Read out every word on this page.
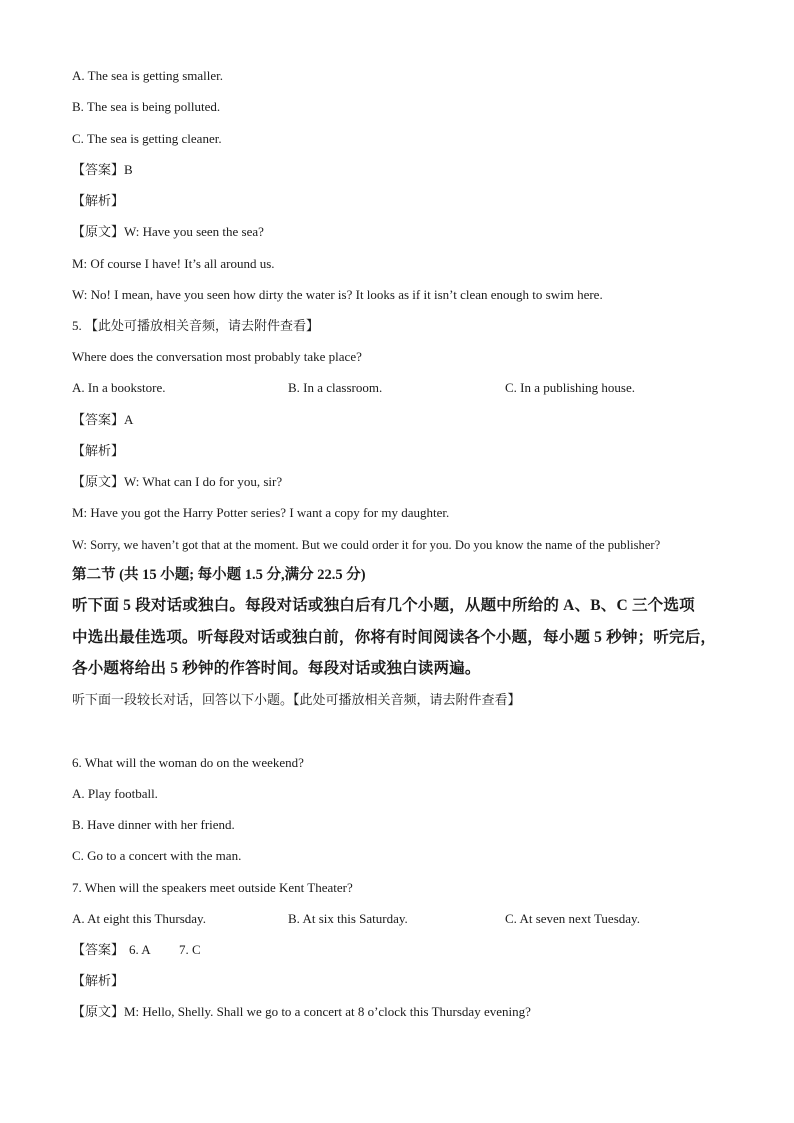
A. The sea is getting smaller.
B. The sea is being polluted.
C. The sea is getting cleaner.
【答案】B
【解析】
【原文】W: Have you seen the sea?
M: Of course I have! It’s all around us.
W: No! I mean, have you seen how dirty the water is? It looks as if it isn’t clean enough to swim here.
5. 【此处可播放相关音频，请去附件查看】
Where does the conversation most probably take place?
A. In a bookstore.	B. In a classroom.	C. In a publishing house.
【答案】A
【解析】
【原文】W: What can I do for you, sir?
M: Have you got the Harry Potter series? I want a copy for my daughter.
W: Sorry, we haven’t got that at the moment. But we could order it for you. Do you know the name of the publisher?
第二节 (共 15 小题; 每小题 1.5 分,满分 22.5 分)
听下面 5 段对话或独白。每段对话或独白后有几个小题，从题中所给的 A、B、C 三个选项
中选出最佳选项。听每段对话或独白前，你将有时间阅读各个小题，每小题 5 秒钟；听完后，
各小题将给出 5 秒钟的作答时间。每段对话或独白读两遍。
听下面一段较长对话，回答以下小题。【此处可播放相关音频，请去附件查看】
6. What will the woman do on the weekend?
A. Play football.
B. Have dinner with her friend.
C. Go to a concert with the man.
7. When will the speakers meet outside Kent Theater?
A. At eight this Thursday.	B. At six this Saturday.	C. At seven next Tuesday.
【答案】 6. A 7. C
【解析】
【原文】M: Hello, Shelly. Shall we go to a concert at 8 o’clock this Thursday evening?
